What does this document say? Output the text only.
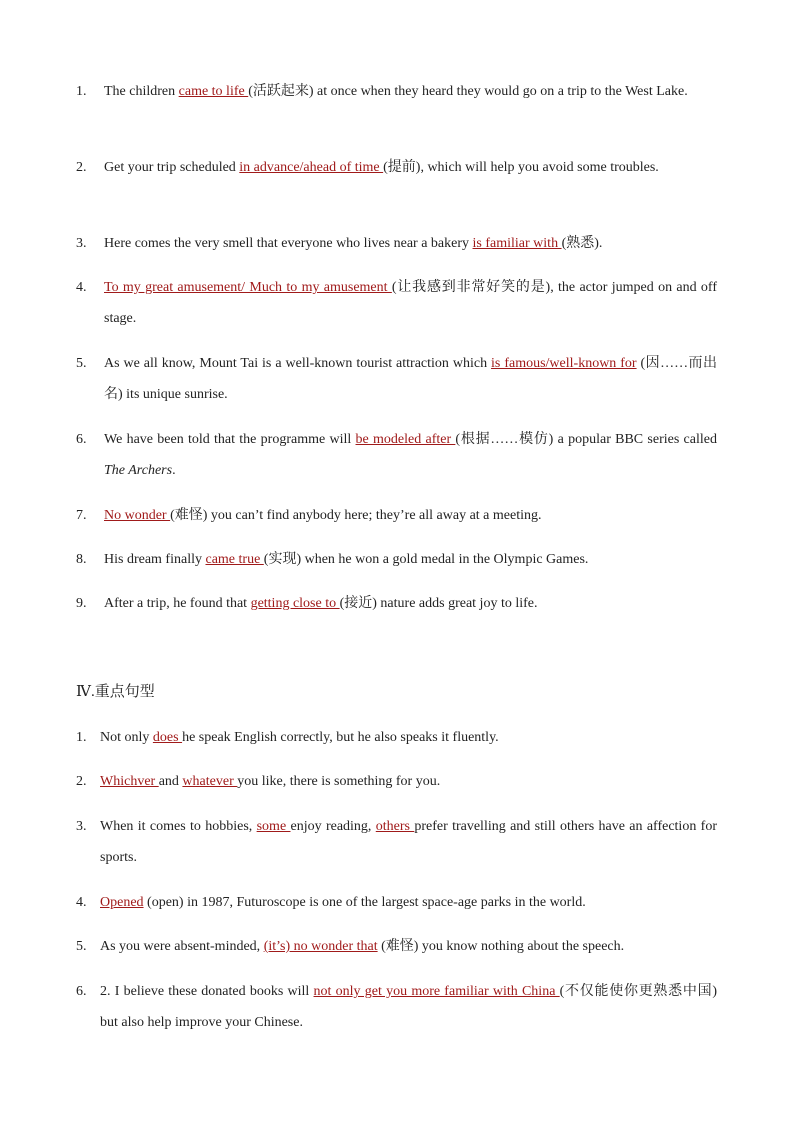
1.	The children came to life (活跃起来) at once when they heard they would go on a trip to the West Lake.
2.	Get your trip scheduled in advance/ahead of time (提前), which will help you avoid some troubles.
3.	Here comes the very smell that everyone who lives near a bakery is familiar with (熟悉).
4.	To my great amusement/ Much to my amusement (让我感到非常好笑的是), the actor jumped on and off stage.
5.	As we all know, Mount Tai is a well-known tourist attraction which is famous/well-known for (因……而出名) its unique sunrise.
6.	We have been told that the programme will be modeled after (根据……模仿) a popular BBC series called The Archers.
7.	No wonder (难怪) you can’t find anybody here; they’re all away at a meeting.
8.	His dream finally came true (实现) when he won a gold medal in the Olympic Games.
9.	After a trip, he found that getting close to (接近) nature adds great joy to life.
Ⅳ.重点句型
1. Not only does he speak English correctly, but he also speaks it fluently.
2. Whichver and whatever you like, there is something for you.
3. When it comes to hobbies, some enjoy reading, others prefer travelling and still others have an affection for sports.
4. Opened (open) in 1987, Futuroscope is one of the largest space-age parks in the world.
5. As you were absent-minded, (it’s) no wonder that (难怪) you know nothing about the speech.
6. 2. I believe these donated books will not only get you more familiar with China (不仅能使你更熟悉中国) but also help improve your Chinese.
